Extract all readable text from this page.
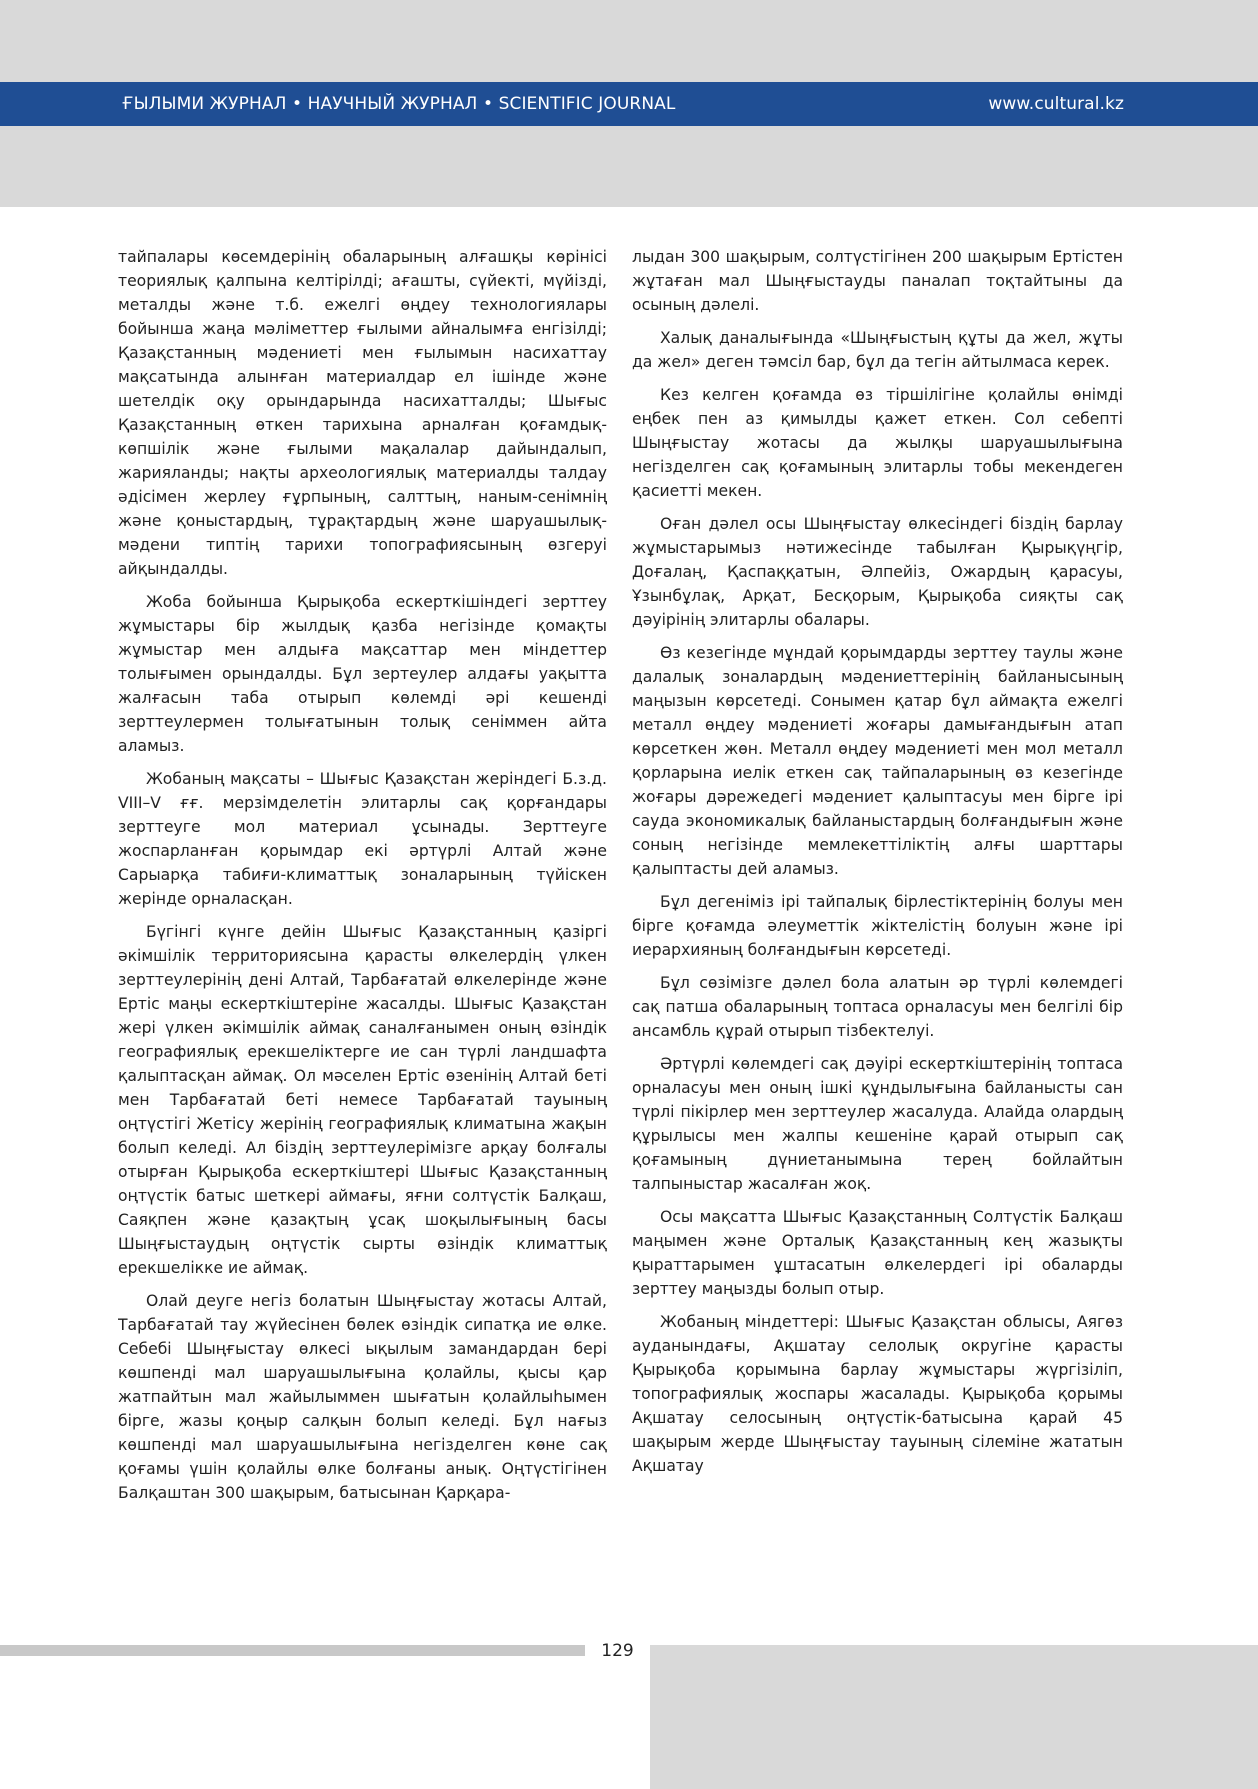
ҒЫЛЫМИ ЖУРНАЛ • НАУЧНЫЙ ЖУРНАЛ • SCIENTIFIC JOURNAL	www.cultural.kz

тайпалары көсемдерінің обаларының алғашқы көрінісі теориялық қалпына келтірілді; ағашты, сүйекті, мүйізді, металды және т.б. ежелгі өңдеу технологиялары бойынша жаңа мәліметтер ғылыми айналымға енгізілді; Қазақстанның мәдениеті мен ғылымын насихаттау мақсатында алынған материалдар ел ішінде және шетелдік оқу орындарында насихатталды; Шығыс Қазақстанның өткен тарихына арналған қоғамдық-көпшілік және ғылыми мақалалар дайындалып, жарияланды; нақты археологиялық материалды талдау әдісімен жерлеу ғұрпының, салттың, наным-сенімнің және қоныстардың, тұрақтардың және шаруашылық-мәдени типтің тарихи топографиясының өзгеруі айқындалды.

Жоба бойынша Қырықоба ескерткішіндегі зерттеу жұмыстары бір жылдық қазба негізінде қомақты жұмыстар мен алдыға мақсаттар мен міндеттер толығымен орындалды. Бұл зертеулер алдағы уақытта жалғасын таба отырып көлемді әрі кешенді зерттеулермен толығатынын толық сеніммен айта аламыз.

Жобаның мақсаты – Шығыс Қазақстан жеріндегі Б.з.д. VIII–V ғғ. мерзімделетін элитарлы сақ қорғандары зерттеуге мол материал ұсынады. Зерттеуге жоспарланған қорымдар екі әртүрлі Алтай және Сарыарқа табиғи-климаттық зоналарының түйіскен жерінде орналасқан.

Бүгінгі күнге дейін Шығыс Қазақстанның қазіргі әкімшілік территориясына қарасты өлкелердің үлкен зерттеулерінің дені Алтай, Тарбағатай өлкелерінде және Ертіс маңы ескерткіштеріне жасалды. Шығыс Қазақстан жері үлкен әкімшілік аймақ саналғанымен оның өзіндік географиялық ерекшеліктерге ие сан түрлі ландшафта қалыптасқан аймақ. Ол мәселен Ертіс өзенінің Алтай беті мен Тарбағатай беті немесе Тарбағатай тауының оңтүстігі Жетісу жерінің географиялық климатына жақын болып келеді. Ал біздің зерттеулерімізге арқау болғалы отырған Қырықоба ескерткіштері Шығыс Қазақстанның оңтүстік батыс шеткері аймағы, яғни солтүстік Балқаш, Саяқпен және қазақтың ұсақ шоқылығының басы Шыңғыстаудың оңтүстік сырты өзіндік климаттық ерекшелікке ие аймақ.

Олай деуге негіз болатын Шыңғыстау жотасы Алтай, Тарбағатай тау жүйесінен бөлек өзіндік сипатқа ие өлке. Себебі Шыңғыстау өлкесі ықылым замандардан бері көшпенді мал шаруашылығына қолайлы, қысы қар жатпайтын мал жайылыммен шығатын қолайлыһымен бірге, жазы қоңыр салқын болып келеді. Бұл нағыз көшпенді мал шаруашылығына негізделген көне сақ қоғамы үшін қолайлы өлке болғаны анық. Оңтүстігінен Балқаштан 300 шақырым, батысынан Қарқара-

лыдан 300 шақырым, солтүстігінен 200 шақырым Ертістен жұтаған мал Шыңғыстауды паналап тоқтайтыны да осының дәлелі.

Халық даналығында «Шыңғыстың құты да жел, жұты да жел» деген тәмсіл бар, бұл да тегін айтылмаса керек.

Кез келген қоғамда өз тіршілігіне қолайлы өнімді еңбек пен аз қимылды қажет еткен. Сол себепті Шыңғыстау жотасы да жылқы шаруашылығына негізделген сақ қоғамының элитарлы тобы мекендеген қасиетті мекен.

Оған дәлел осы Шыңғыстау өлкесіндегі біздің барлау жұмыстарымыз нәтижесінде табылған Қырықүңгір, Доғалаң, Қаспаққатын, Әлпейіз, Ожардың қарасуы, Ұзынбұлақ, Арқат, Бесқорым, Қырықоба сияқты сақ дәуірінің элитарлы обалары.

Өз кезегінде мұндай қорымдарды зерттеу таулы және далалық зоналардың мәдениеттерінің байланысының маңызын көрсетеді. Сонымен қатар бұл аймақта ежелгі металл өңдеу мәдениеті жоғары дамығандығын атап көрсеткен жөн. Металл өңдеу мәдениеті мен мол металл қорларына иелік еткен сақ тайпаларының өз кезегінде жоғары дәрежедегі мәдениет қалыптасуы мен бірге ірі сауда экономикалық байланыстардың болғандығын және соның негізінде мемлекеттіліктің алғы шарттары қалыптасты дей аламыз.

Бұл дегеніміз ірі тайпалық бірлестіктерінің болуы мен бірге қоғамда әлеуметтік жіктелістің болуын және ірі иерархияның болғандығын көрсетеді.

Бұл сөзімізге дәлел бола алатын әр түрлі көлемдегі сақ патша обаларының топтаса орналасуы мен белгілі бір ансамбль құрай отырып тізбектелуі.

Әртүрлі көлемдегі сақ дәуірі ескерткіштерінің топтаса орналасуы мен оның ішкі құндылығына байланысты сан түрлі пікірлер мен зерттеулер жасалуда. Алайда олардың құрылысы мен жалпы кешеніне қарай отырып сақ қоғамының дүниетанымына терең бойлайтын талпыныстар жасалған жоқ.

Осы мақсатта Шығыс Қазақстанның Солтүстік Балқаш маңымен және Орталық Қазақстанның кең жазықты қыраттарымен ұштасатын өлкелердегі ірі обаларды зерттеу маңызды болып отыр.

Жобаның міндеттері: Шығыс Қазақстан облысы, Аягөз ауданындағы, Ақшатау селолық округіне қарасты Қырықоба қорымына барлау жұмыстары жүргізіліп, топографиялық жоспары жасалады. Қырықоба қорымы Ақшатау селосының оңтүстік-батысына қарай 45 шақырым жерде Шыңғыстау тауының сілеміне жататын Ақшатау

129
